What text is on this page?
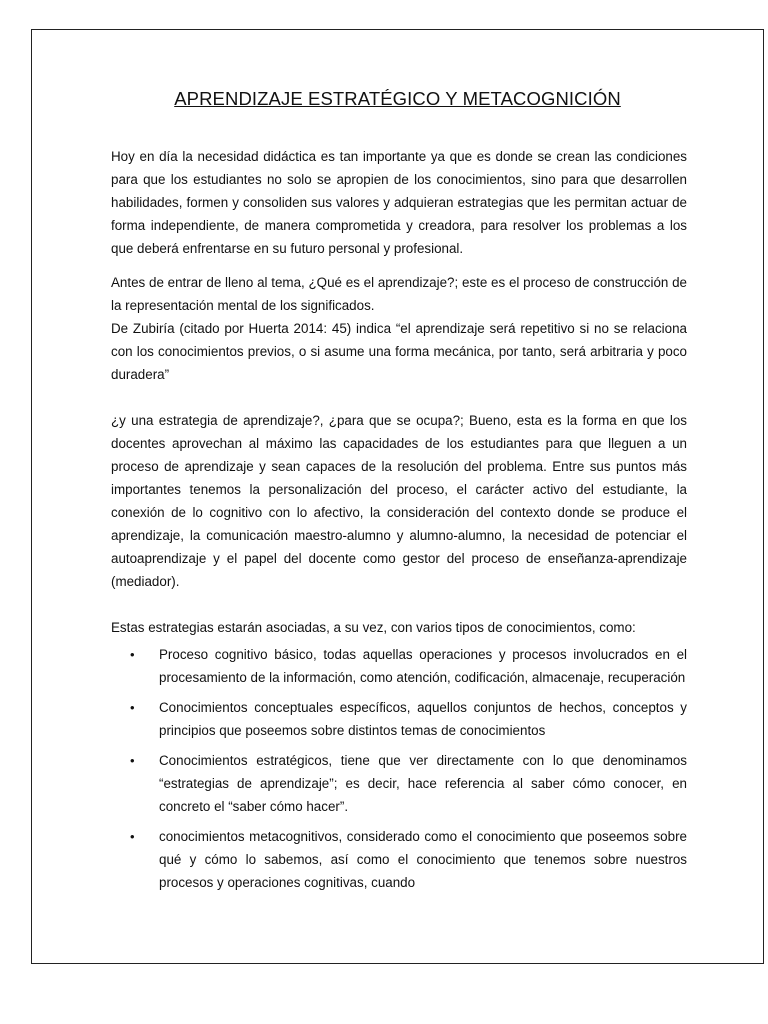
APRENDIZAJE ESTRATÉGICO Y METACOGNICIÓN

Hoy en día la necesidad didáctica es tan importante ya que es donde se crean las condiciones para que los estudiantes no solo se apropien de los conocimientos, sino para que desarrollen habilidades, formen y consoliden sus valores y adquieran estrategias que les permitan actuar de forma independiente, de manera comprometida y creadora, para resolver los problemas a los que deberá enfrentarse en su futuro personal y profesional.

Antes de entrar de lleno al tema, ¿Qué es el aprendizaje?; este es el proceso de construcción de la representación mental de los significados.

De Zubiría (citado por Huerta 2014: 45) indica “el aprendizaje será repetitivo si no se relaciona con los conocimientos previos, o si asume una forma mecánica, por tanto, será arbitraria y poco duradera”

¿y una estrategia de aprendizaje?, ¿para que se ocupa?; Bueno, esta es la forma en que los docentes aprovechan al máximo las capacidades de los estudiantes para que lleguen a un proceso de aprendizaje y sean capaces de la resolución del problema. Entre sus puntos más importantes tenemos la personalización del proceso, el carácter activo del estudiante, la conexión de lo cognitivo con lo afectivo, la consideración del contexto donde se produce el aprendizaje, la comunicación maestro-alumno y alumno-alumno, la necesidad de potenciar el autoaprendizaje y el papel del docente como gestor del proceso de enseñanza-aprendizaje (mediador).

Estas estrategias estarán asociadas, a su vez, con varios tipos de conocimientos, como:

• Proceso cognitivo básico, todas aquellas operaciones y procesos involucrados en el procesamiento de la información, como atención, codificación, almacenaje, recuperación
• Conocimientos conceptuales específicos, aquellos conjuntos de hechos, conceptos y principios que poseemos sobre distintos temas de conocimientos
• Conocimientos estratégicos, tiene que ver directamente con lo que denominamos “estrategias de aprendizaje”; es decir, hace referencia al saber cómo conocer, en concreto el “saber cómo hacer”.
• conocimientos metacognitivos, considerado como el conocimiento que poseemos sobre qué y cómo lo sabemos, así como el conocimiento que tenemos sobre nuestros procesos y operaciones cognitivas, cuando
